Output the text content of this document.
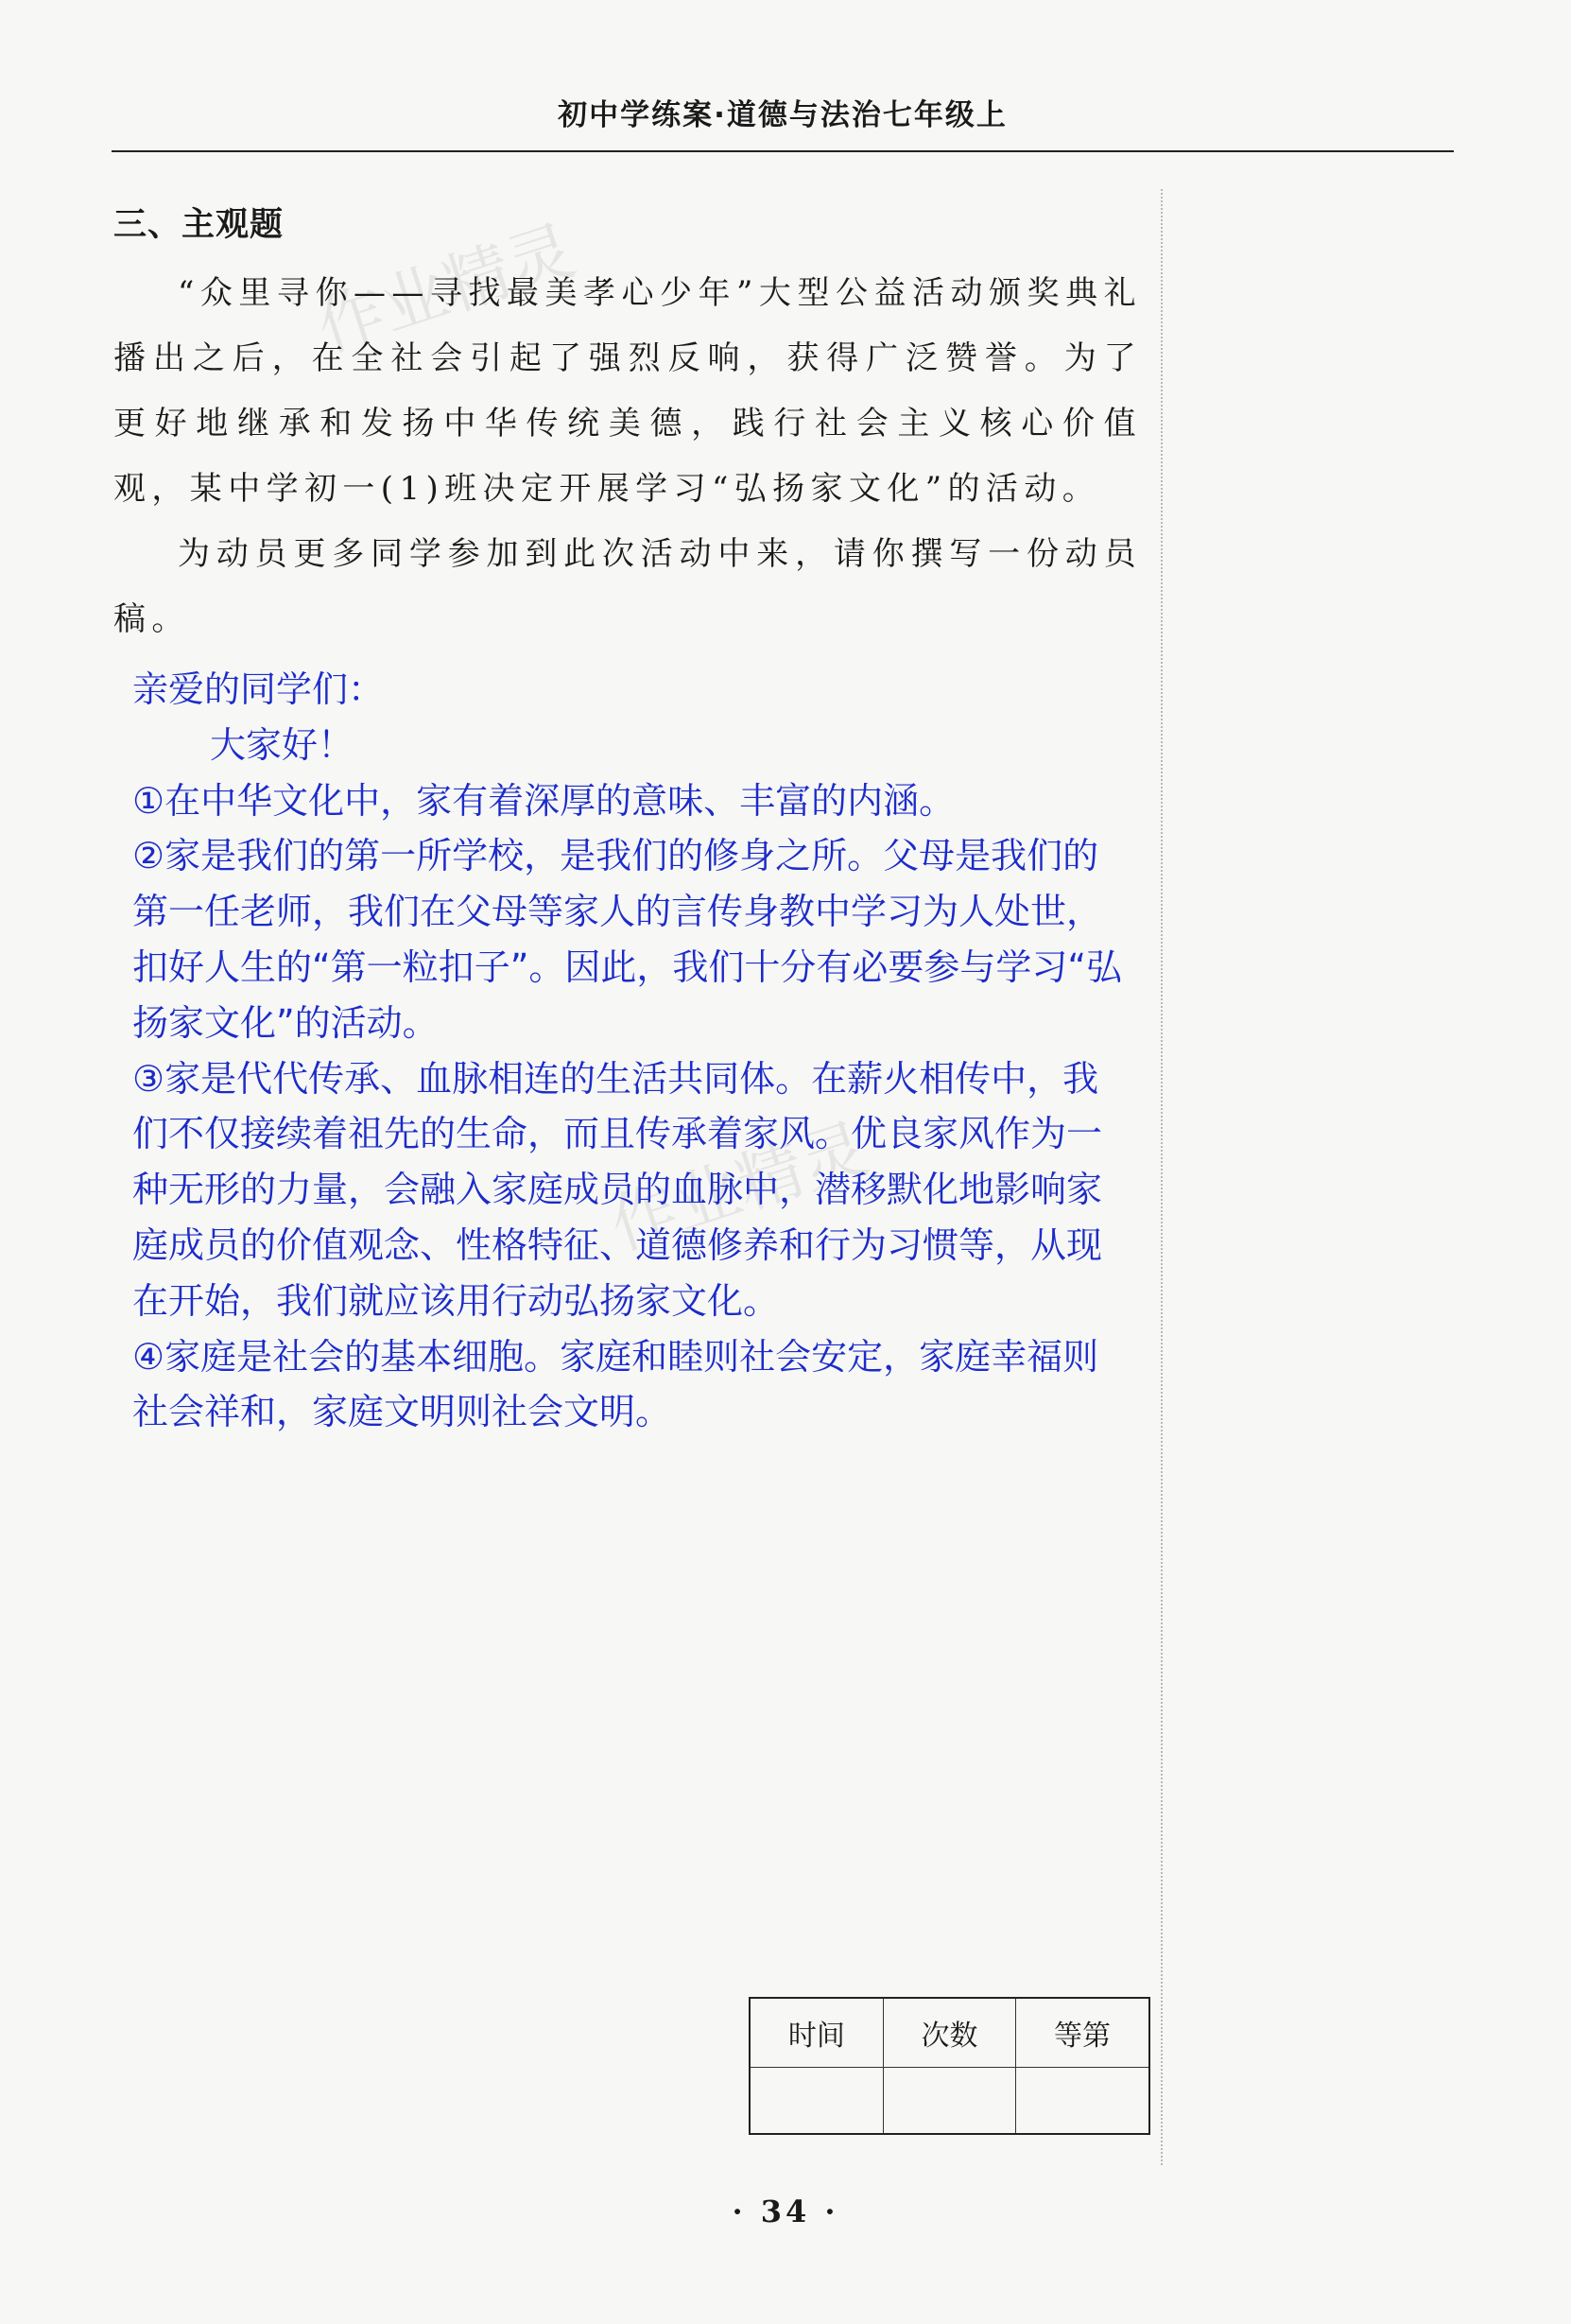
初中学练案·道德与法治七年级上
作业精灵
作业精灵
三、主观题

“众里寻你——寻找最美孝心少年”大型公益活动颁奖典礼播出之后，在全社会引起了强烈反响，获得广泛赞誉。为了更好地继承和发扬中华传统美德，践行社会主义核心价值观，某中学初一(1)班决定开展学习“弘扬家文化”的活动。

为动员更多同学参加到此次活动中来，请你撰写一份动员稿。

亲爱的同学们：

大家好！

①在中华文化中，家有着深厚的意味、丰富的内涵。

②家是我们的第一所学校，是我们的修身之所。父母是我们的第一任老师，我们在父母等家人的言传身教中学习为人处世，扣好人生的“第一粒扣子”。因此，我们十分有必要参与学习“弘扬家文化”的活动。

③家是代代传承、血脉相连的生活共同体。在薪火相传中，我们不仅接续着祖先的生命，而且传承着家风。优良家风作为一种无形的力量，会融入家庭成员的血脉中，潜移默化地影响家庭成员的价值观念、性格特征、道德修养和行为习惯等，从现在开始，我们就应该用行动弘扬家文化。

④家庭是社会的基本细胞。家庭和睦则社会安定，家庭幸福则社会祥和，家庭文明则社会文明。

时间	次数	等第

· 34 ·
